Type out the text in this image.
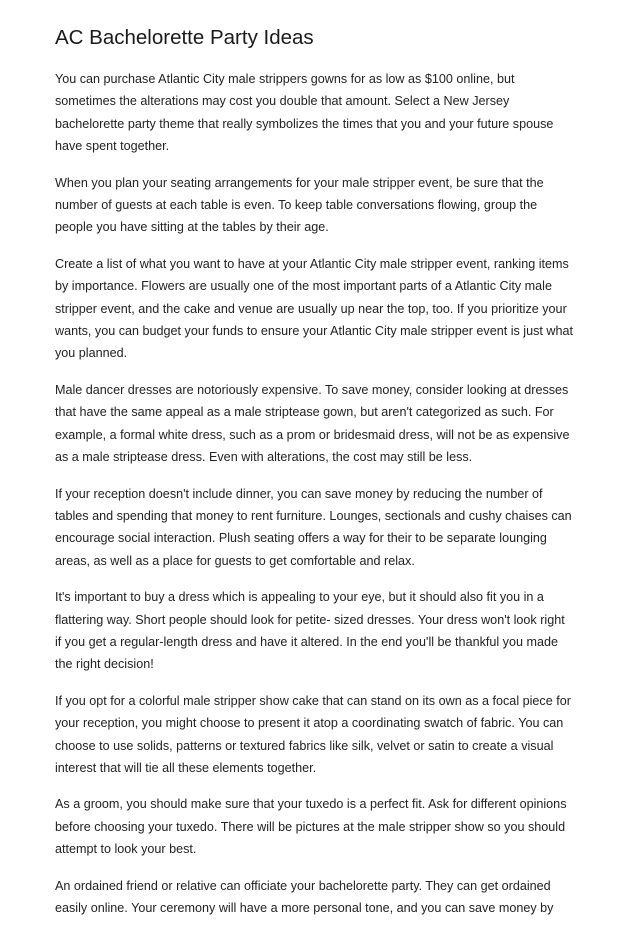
AC Bachelorette Party Ideas

You can purchase Atlantic City male strippers gowns for as low as $100 online, but
sometimes the alterations may cost you double that amount. Select a New Jersey
bachelorette party theme that really symbolizes the times that you and your future spouse
have spent together.

When you plan your seating arrangements for your male stripper event, be sure that the
number of guests at each table is even. To keep table conversations flowing, group the
people you have sitting at the tables by their age.

Create a list of what you want to have at your Atlantic City male stripper event, ranking items
by importance. Flowers are usually one of the most important parts of a Atlantic City male
stripper event, and the cake and venue are usually up near the top, too. If you prioritize your
wants, you can budget your funds to ensure your Atlantic City male stripper event is just what
you planned.

Male dancer dresses are notoriously expensive. To save money, consider looking at dresses
that have the same appeal as a male striptease gown, but aren't categorized as such. For
example, a formal white dress, such as a prom or bridesmaid dress, will not be as expensive
as a male striptease dress. Even with alterations, the cost may still be less.

If your reception doesn't include dinner, you can save money by reducing the number of
tables and spending that money to rent furniture. Lounges, sectionals and cushy chaises can
encourage social interaction. Plush seating offers a way for their to be separate lounging
areas, as well as a place for guests to get comfortable and relax.

It's important to buy a dress which is appealing to your eye, but it should also fit you in a
flattering way. Short people should look for petite- sized dresses. Your dress won't look right
if you get a regular-length dress and have it altered. In the end you'll be thankful you made
the right decision!

If you opt for a colorful male stripper show cake that can stand on its own as a focal piece for
your reception, you might choose to present it atop a coordinating swatch of fabric. You can
choose to use solids, patterns or textured fabrics like silk, velvet or satin to create a visual
interest that will tie all these elements together.

As a groom, you should make sure that your tuxedo is a perfect fit. Ask for different opinions
before choosing your tuxedo. There will be pictures at the male stripper show so you should
attempt to look your best.

An ordained friend or relative can officiate your bachelorette party. They can get ordained
easily online. Your ceremony will have a more personal tone, and you can save money by
